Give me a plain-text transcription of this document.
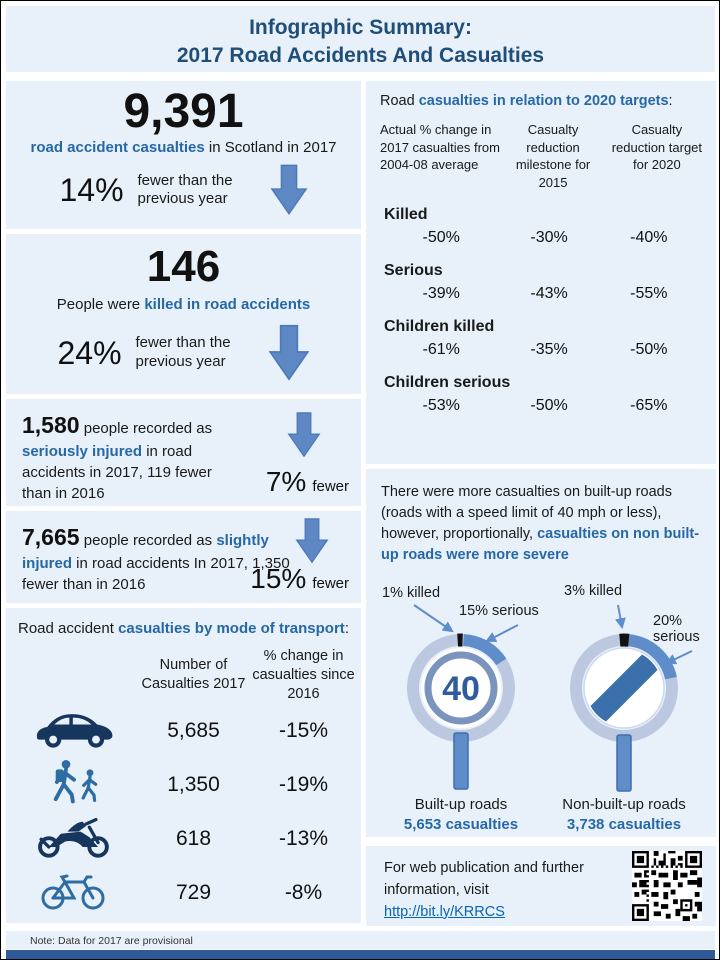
Infographic Summary:
2017 Road Accidents And Casualties
9,391
road accident casualties in Scotland in 2017
14% fewer than the previous year
146
People were killed in road accidents
24% fewer than the previous year
1,580 people recorded as seriously injured in road accidents in 2017, 119 fewer than in 2016	7% fewer
7,665 people recorded as slightly injured in road accidents In 2017, 1,350 fewer than in 2016	15% fewer
Road accident casualties by mode of transport:
Number of Casualties 2017
% change in casualties since 2016
5,685	-15%
1,350	-19%
618	-13%
729	-8%
Road casualties in relation to 2020 targets:
Actual % change in 2017 casualties from 2004-08 average
Casualty reduction milestone for 2015
Casualty reduction target for 2020
Killed
-50%	-30%	-40%
Serious
-39%	-43%	-55%
Children killed
-61%	-35%	-50%
Children serious
-53%	-50%	-65%
There were more casualties on built-up roads (roads with a speed limit of 40 mph or less), however, proportionally, casualties on non built-up roads were more severe
40
1% killed
15% serious
3% killed
20% serious
Built-up roads
5,653 casualties
Non-built-up roads
3,738 casualties
For web publication and further information, visit
http://bit.ly/KRRCS
Note: Data for 2017 are provisional
